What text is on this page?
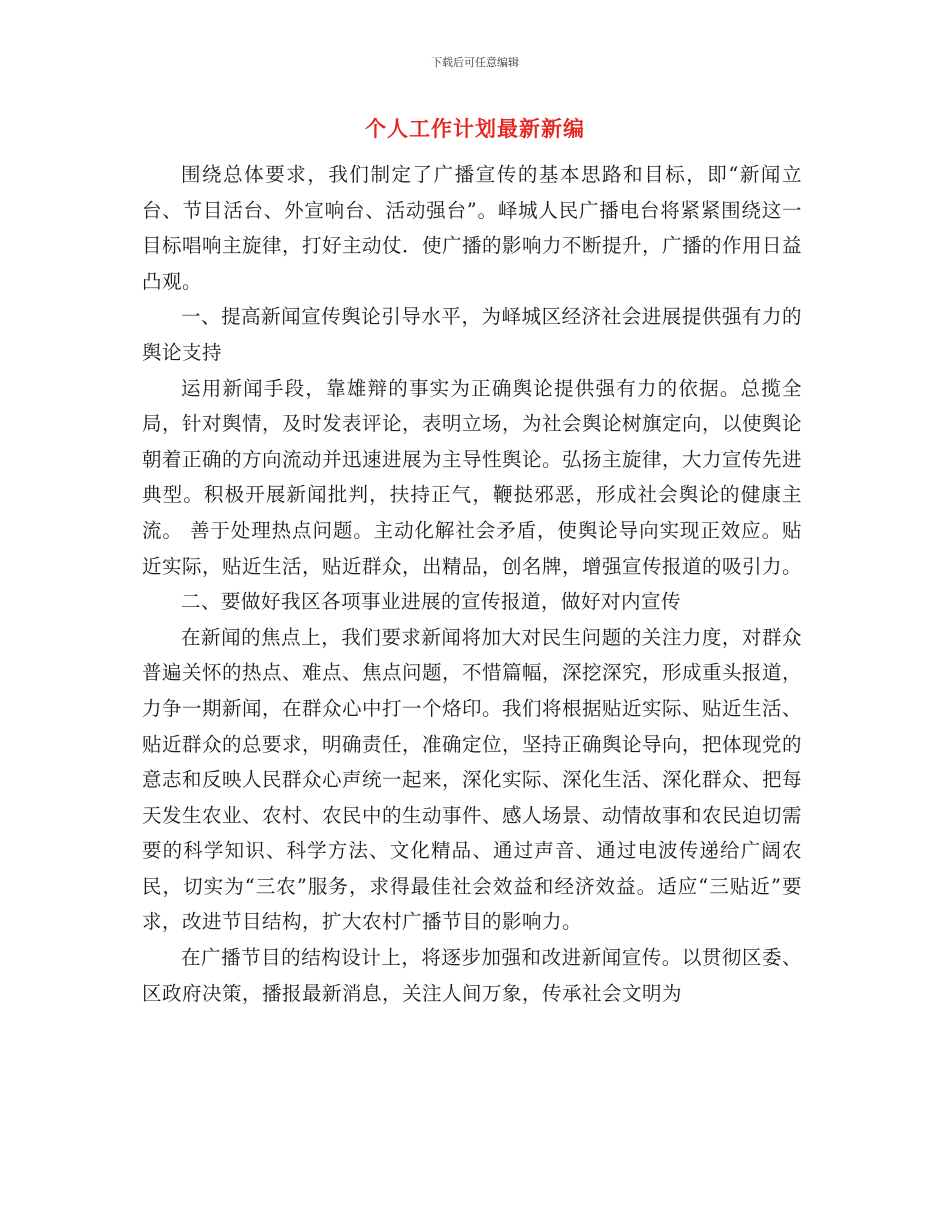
下载后可任意编辑
个人工作计划最新新编

围绕总体要求，我们制定了广播宣传的基本思路和目标，即“新闻立台、节目活台、外宣响台、活动强台”。峄城人民广播电台将紧紧围绕这一目标唱响主旋律，打好主动仗．使广播的影响力不断提升，广播的作用日益凸观。

一、提高新闻宣传舆论引导水平，为峄城区经济社会进展提供强有力的舆论支持

运用新闻手段，靠雄辩的事实为正确舆论提供强有力的依据。总揽全局，针对舆情，及时发表评论，表明立场，为社会舆论树旗定向，以使舆论朝着正确的方向流动并迅速进展为主导性舆论。弘扬主旋律，大力宣传先进典型。积极开展新闻批判，扶持正气，鞭挞邪恶，形成社会舆论的健康主流。 善于处理热点问题。主动化解社会矛盾，使舆论导向实现正效应。贴近实际，贴近生活，贴近群众，出精品，创名牌，增强宣传报道的吸引力。

二、要做好我区各项事业进展的宣传报道，做好对内宣传

在新闻的焦点上，我们要求新闻将加大对民生问题的关注力度，对群众普遍关怀的热点、难点、焦点问题，不惜篇幅，深挖深究，形成重头报道，力争一期新闻，在群众心中打一个烙印。我们将根据贴近实际、贴近生活、贴近群众的总要求，明确责任，准确定位，坚持正确舆论导向，把体现党的意志和反映人民群众心声统一起来，深化实际、深化生活、深化群众、把每天发生农业、农村、农民中的生动事件、感人场景、动情故事和农民迫切需要的科学知识、科学方法、文化精品、通过声音、通过电波传递给广阔农民，切实为“三农”服务，求得最佳社会效益和经济效益。适应“三贴近”要求，改进节目结构，扩大农村广播节目的影响力。

在广播节目的结构设计上，将逐步加强和改进新闻宣传。以贯彻区委、区政府决策，播报最新消息，关注人间万象，传承社会文明为
